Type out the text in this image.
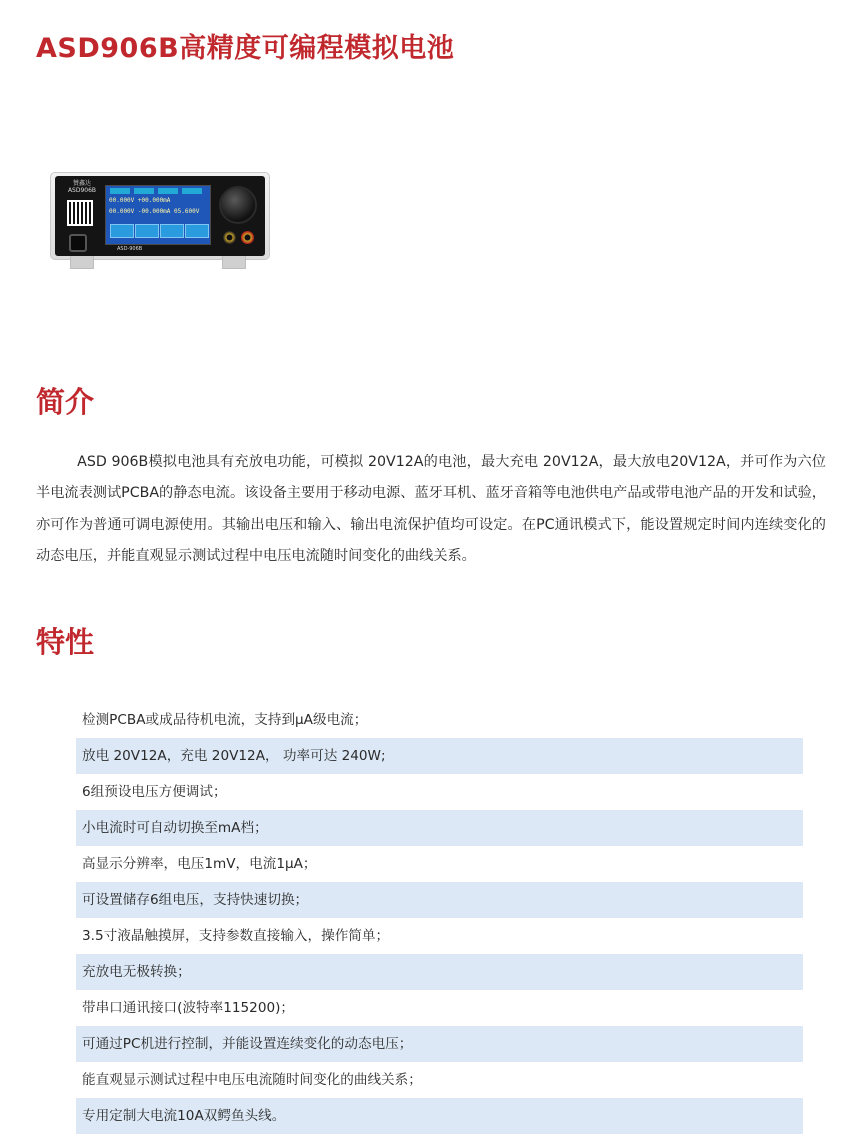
ASD906B高精度可编程模拟电池
赞鑫达
ASD906B
00.000V +00.000mA
00.000V -00.000mA 05.600V
ASD-906B
简介
ASD 906B模拟电池具有充放电功能，可模拟 20V12A的电池，最大充电 20V12A，最大放电20V12A，并可作为六位半电流表测试PCBA的静态电流。该设备主要用于移动电源、蓝牙耳机、蓝牙音箱等电池供电产品或带电池产品的开发和试验，亦可作为普通可调电源使用。其输出电压和输入、输出电流保护值均可设定。在PC通讯模式下，能设置规定时间内连续变化的动态电压，并能直观显示测试过程中电压电流随时间变化的曲线关系。
特性
检测PCBA或成品待机电流，支持到μA级电流；
放电 20V12A，充电 20V12A， 功率可达 240W;
6组预设电压方便调试；
小电流时可自动切换至mA档；
高显示分辨率，电压1mV，电流1μA；
可设置储存6组电压，支持快速切换；
3.5寸液晶触摸屏，支持参数直接输入，操作简单；
充放电无极转换；
带串口通讯接口(波特率115200)；
可通过PC机进行控制，并能设置连续变化的动态电压；
能直观显示测试过程中电压电流随时间变化的曲线关系；
专用定制大电流10A双鳄鱼头线。
